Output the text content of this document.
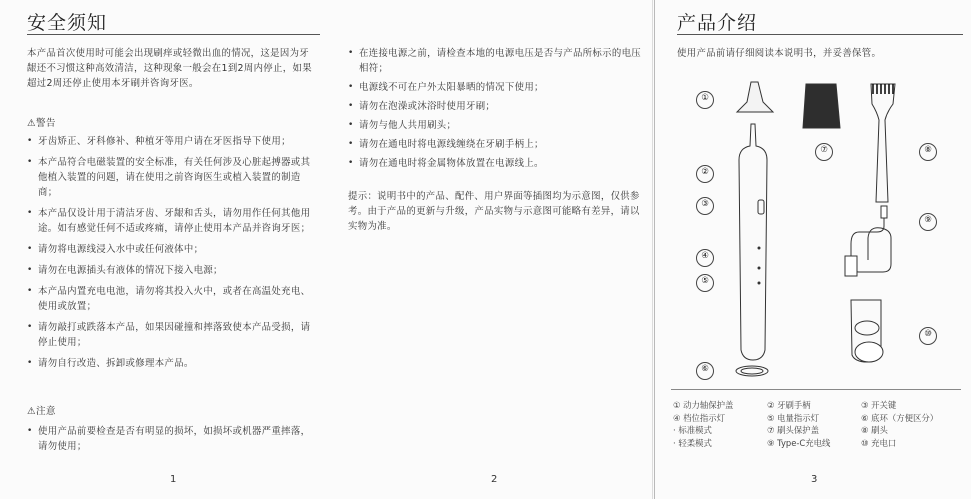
安全须知
本产品首次使用时可能会出现刷痒或轻微出血的情况，这是因为牙龈还不习惯这种高效清洁，这种现象一般会在1到2周内停止，如果超过2周还停止使用本牙刷并咨询牙医。
⚠警告
• 牙齿矫正、牙科修补、种植牙等用户请在牙医指导下使用；
• 本产品符合电磁装置的安全标准，有关任何涉及心脏起搏器或其他植入装置的问题，请在使用之前咨询医生或植入装置的制造商；
• 本产品仅设计用于清洁牙齿、牙龈和舌头，请勿用作任何其他用途。如有感觉任何不适或疼痛，请停止使用本产品并咨询牙医；
• 请勿将电源线浸入水中或任何液体中；
• 请勿在电源插头有液体的情况下接入电源；
• 本产品内置充电电池，请勿将其投入火中，或者在高温处充电、使用或放置；
• 请勿敲打或跌落本产品，如果因碰撞和摔落致使本产品受损，请停止使用；
• 请勿自行改造、拆卸或修理本产品。
⚠注意
• 使用产品前要检查是否有明显的损坏，如损坏或机器严重摔落，请勿使用；
1
• 在连接电源之前，请检查本地的电源电压是否与产品所标示的电压相符；
• 电源线不可在户外太阳暴晒的情况下使用；
• 请勿在泡澡或沐浴时使用牙刷；
• 请勿与他人共用刷头；
• 请勿在通电时将电源线缠绕在牙刷手柄上；
• 请勿在通电时将金属物体放置在电源线上。
提示：说明书中的产品、配件、用户界面等插图均为示意图，仅供参考。由于产品的更新与升级，产品实物与示意图可能略有差异，请以实物为准。
2
产品介绍
使用产品前请仔细阅读本说明书，并妥善保管。
①
②
③
④
⑤
⑥
⑦	⑧
⑨
⑩
① 动力轴保护盖	② 牙刷手柄	③ 开关键
④ 档位指示灯	⑤ 电量指示灯	⑥ 底环（方便区分）
· 标准模式	⑦ 刷头保护盖	⑧ 刷头
· 轻柔模式	⑨ Type-C充电线	⑩ 充电口
3
